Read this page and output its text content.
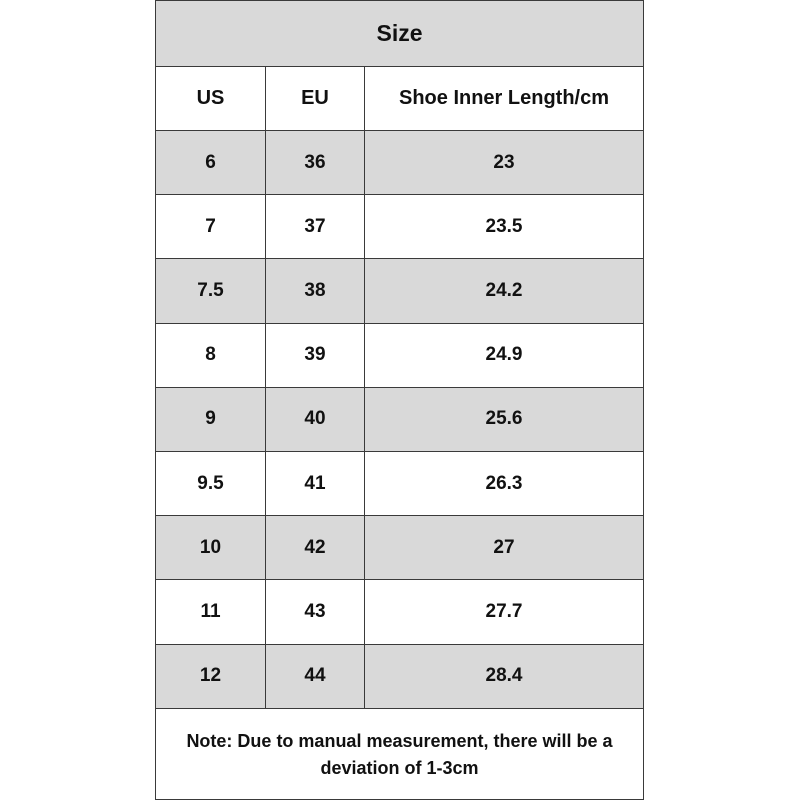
Size
US	EU	Shoe Inner Length/cm
6	36	23
7	37	23.5
7.5	38	24.2
8	39	24.9
9	40	25.6
9.5	41	26.3
10	42	27
11	43	27.7
12	44	28.4
Note: Due to manual measurement, there will be a deviation of 1-3cm
